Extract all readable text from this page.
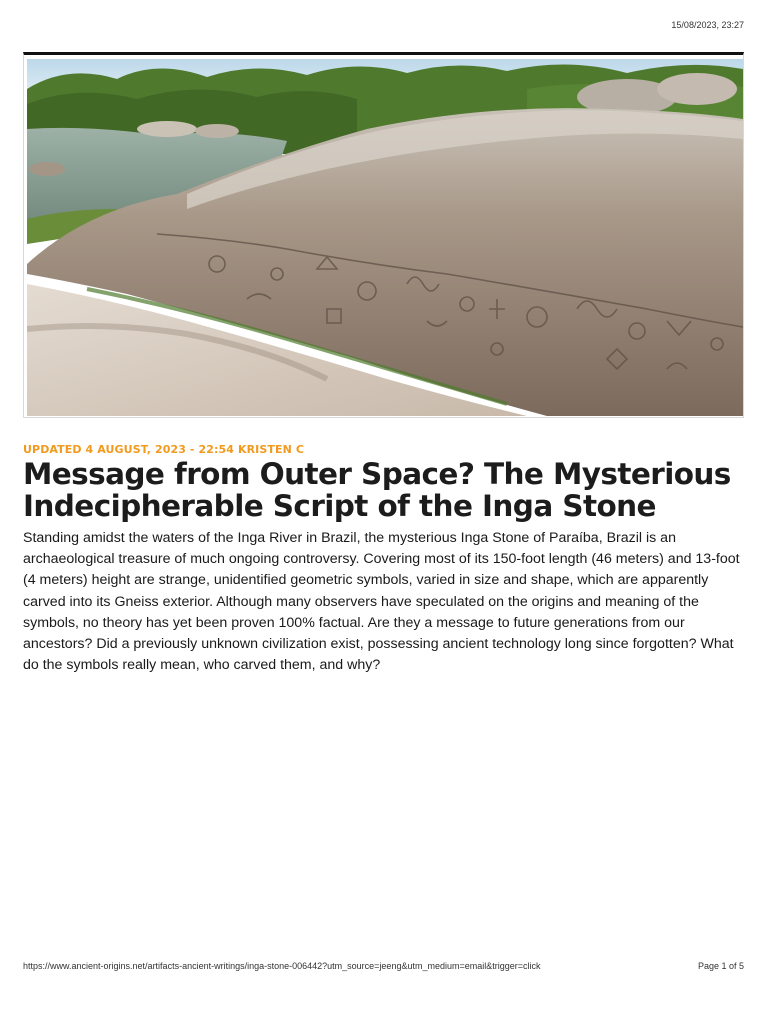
15/08/2023, 23:27
UPDATED 4 AUGUST, 2023 - 22:54 KRISTEN C
Message from Outer Space? The Mysterious Indecipherable Script of the Inga Stone

Standing amidst the waters of the Inga River in Brazil, the mysterious Inga Stone of Paraíba, Brazil is an archaeological treasure of much ongoing controversy. Covering most of its 150-foot length (46 meters) and 13-foot (4 meters) height are strange, unidentified geometric symbols, varied in size and shape, which are apparently carved into its Gneiss exterior. Although many observers have speculated on the origins and meaning of the symbols, no theory has yet been proven 100% factual. Are they a message to future generations from our ancestors? Did a previously unknown civilization exist, possessing ancient technology long since forgotten? What do the symbols really mean, who carved them, and why?

https://www.ancient-origins.net/artifacts-ancient-writings/inga-stone-006442?utm_source=jeeng&utm_medium=email&trigger=click	Page 1 of 5
